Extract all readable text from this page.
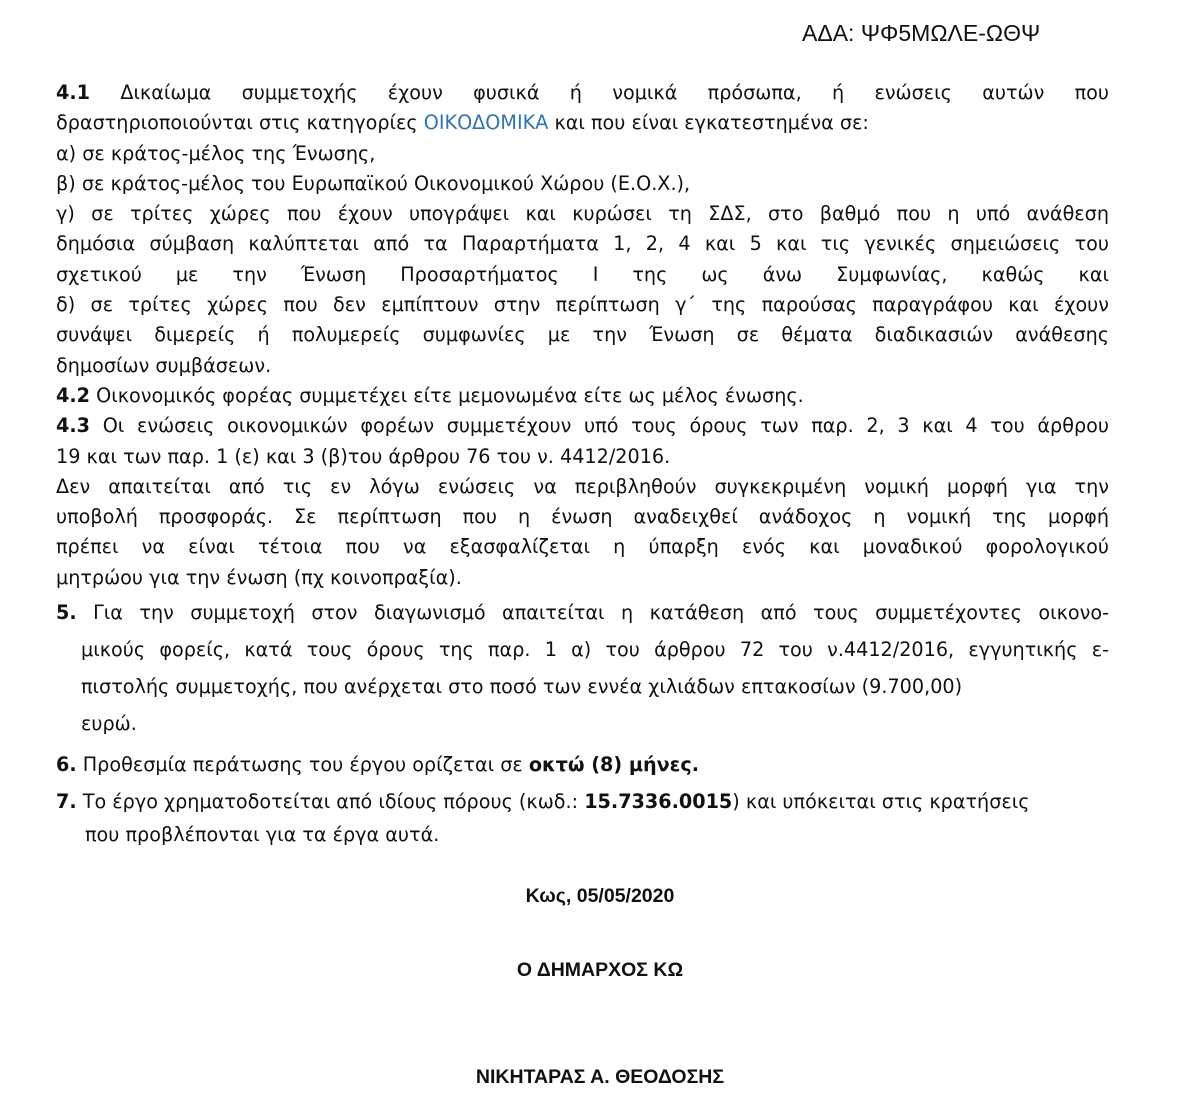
ΑΔΑ: ΨΦ5ΜΩΛΕ-ΩΘΨ
4.1 Δικαίωμα συμμετοχής έχουν φυσικά ή νομικά πρόσωπα, ή ενώσεις αυτών που
δραστηριοποιούνται στις κατηγορίες ΟΙΚΟΔΟΜΙΚΑ και που είναι εγκατεστημένα σε:
α) σε κράτος-μέλος της Ένωσης,
β) σε κράτος-μέλος του Ευρωπαϊκού Οικονομικού Χώρου (Ε.Ο.Χ.),
γ) σε τρίτες χώρες που έχουν υπογράψει και κυρώσει τη ΣΔΣ, στο βαθμό που η υπό ανάθεση
δημόσια σύμβαση καλύπτεται από τα Παραρτήματα 1, 2, 4 και 5 και τις γενικές σημειώσεις του
σχετικού με την Ένωση Προσαρτήματος Ι της ως άνω Συμφωνίας, καθώς και
δ) σε τρίτες χώρες που δεν εμπίπτουν στην περίπτωση γ΄ της παρούσας παραγράφου και έχουν
συνάψει διμερείς ή πολυμερείς συμφωνίες με την Ένωση σε θέματα διαδικασιών ανάθεσης
δημοσίων συμβάσεων.
4.2 Οικονομικός φορέας συμμετέχει είτε μεμονωμένα είτε ως μέλος ένωσης.
4.3 Οι ενώσεις οικονομικών φορέων συμμετέχουν υπό τους όρους των παρ. 2, 3 και 4 του άρθρου
19 και των παρ. 1 (ε) και 3 (β)του άρθρου 76 του ν. 4412/2016.
Δεν απαιτείται από τις εν λόγω ενώσεις να περιβληθούν συγκεκριμένη νομική μορφή για την
υποβολή προσφοράς. Σε περίπτωση που η ένωση αναδειχθεί ανάδοχος η νομική της μορφή
πρέπει να είναι τέτοια που να εξασφαλίζεται η ύπαρξη ενός και μοναδικού φορολογικού
μητρώου για την ένωση (πχ κοινοπραξία).
5. Για την συμμετοχή στον διαγωνισμό απαιτείται η κατάθεση από τους συμμετέχοντες οικονο-
μικούς φορείς, κατά τους όρους της παρ. 1 α) του άρθρου 72 του ν.4412/2016, εγγυητικής ε-
πιστολής συμμετοχής, που ανέρχεται στο ποσό των εννέα χιλιάδων επτακοσίων (9.700,00)
ευρώ.
6. Προθεσμία περάτωσης του έργου ορίζεται σε οκτώ (8) μήνες.
7. Το έργο χρηματοδοτείται από ιδίους πόρους (κωδ.: 15.7336.0015) και υπόκειται στις κρατήσεις
που προβλέπονται για τα έργα αυτά.
Κως, 05/05/2020
Ο ΔΗΜΑΡΧΟΣ ΚΩ
ΝΙΚΗΤΑΡΑΣ Α. ΘΕΟΔΟΣΗΣ
